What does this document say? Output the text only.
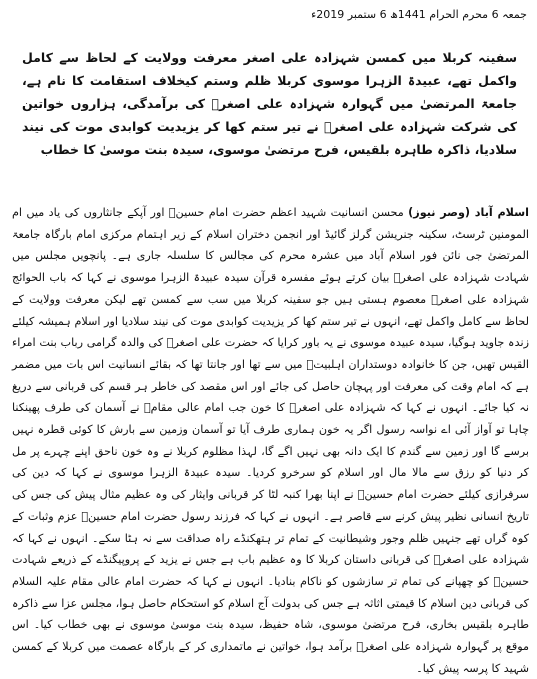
جمعہ 6 محرم الحرام 1441ھ 6 ستمبر 2019ء
سفینہ کربلا میں کمسن شہزادہ علی اصغر معرفت وولایت کے لحاظ سے کامل واکمل تھے، عبیدۃ الزہرا موسوی کربلا ظلم وستم کیخلاف استقامت کا نام ہے، جامعۃ المرتضیٰ میں گہوارہ شہزادہ علی اصغرؑ کی برآمدگی، ہزاروں خواتین کی شرکت شہزادہ علی اصغرؑ نے تیر ستم کھا کر یزیدیت کوابدی موت کی نیند سلادیا، ذاکرہ طاہرہ بلقیس، فرح مرتضیٰ موسوی، سیدہ بنت موسیٰ کا خطاب
اسلام آباد (وصر نیوز) محسن انسانیت شہید اعظم حضرت امام حسینؑ اور آپکے جانثاروں کی یاد میں ام المومنین ٹرسٹ، سکینہ جنریشن گرلز گائیڈ اور انجمن دختران اسلام کے زیر اہتمام مرکزی امام بارگاہ جامعۃ المرتضیٰ جی نائن فور اسلام آباد میں عشرہ محرم کی مجالس کا سلسلہ جاری ہے۔ پانچویں مجلس میں شہادت شہزادہ علی اصغرؑ بیان کرتے ہوئے مفسرہ قرآن سیدہ عبیدۃ الزہرا موسوی نے کہا کہ باب الحوائج شہزادہ علی اصغرؑ معصوم ہستی ہیں جو سفینہ کربلا میں سب سے کمسن تھے لیکن معرفت وولایت کے لحاظ سے کامل واکمل تھے، انہوں نے تیر ستم کھا کر یزیدیت کوابدی موت کی نیند سلادیا اور اسلام ہمیشہ کیلئے زندہ جاوید ہوگیا، سیدہ عبیدہ موسوی نے یہ باور کرایا کہ حضرت علی اصغرؑ کی والدہ گرامی رباب بنت امراء القیس تھیں، جن کا خانوادہ دوستداران اہلبیتؑ میں سے تھا اور جانتا تھا کہ بقائے انسانیت اس بات میں مضمر ہے کہ امام وقت کی معرفت اور پہچان حاصل کی جائے اور اس مقصد کی خاطر ہر قسم کی قربانی سے دریغ نہ کیا جائے۔ انہوں نے کہا کہ شہزادہ علی اصغرؑ کا خون جب امام عالی مقامؑ نے آسمان کی طرف پھینکنا چاہا تو آواز آئی اے نواسہ رسول اگر یہ خون ہماری طرف آیا تو آسمان وزمین سے بارش کا کوئی قطرہ نہیں برسے گا اور زمین سے گندم کا ایک دانہ بھی نہیں اگے گا، لہذا مظلوم کربلا نے وہ خون ناحق اپنے چہرے پر مل کر دنیا کو رزق سے مالا مال اور اسلام کو سرخرو کردیا۔ سیدہ عبیدۃ الزہرا موسوی نے کہا کہ دین کی سرفرازی کیلئے حضرت امام حسینؑ نے اپنا بھرا کنبہ لٹا کر قربانی وایثار کی وہ عظیم مثال پیش کی جس کی تاریخ انسانی نظیر پیش کرنے سے قاصر ہے۔ انہوں نے کہا کہ فرزند رسول حضرت امام حسینؑ عزم وثبات کے کوہ گراں تھے جنہیں ظلم وجور وشیطانیت کے تمام تر ہتھکنڈے راہ صداقت سے نہ ہٹا سکے۔ انہوں نے کہا کہ شہزادہ علی اصغرؑ کی قربانی داستان کربلا کا وہ عظیم باب ہے جس نے یزید کے پروپیگنڈے کے ذریعے شہادت حسینؑ کو چھپانے کی تمام تر سازشوں کو ناکام بنادیا۔ انہوں نے کہا کہ حضرت امام عالی مقام علیہ السلام کی قربانی دین اسلام کا قیمتی اثاثہ ہے جس کی بدولت آج اسلام کو استحکام حاصل ہوا، مجلس عزا سے ذاکرہ طاہرہ بلقیس بخاری، فرح مرتضیٰ موسوی، شاہ حفیظ، سیدہ بنت موسیٰ موسوی نے بھی خطاب کیا۔ اس موقع پر گہوارہ شہزادہ علی اصغرؑ برآمد ہوا، خواتین نے ماتمداری کر کے بارگاہ عصمت میں کربلا کے کمسن شہید کا پرسہ پیش کیا۔
